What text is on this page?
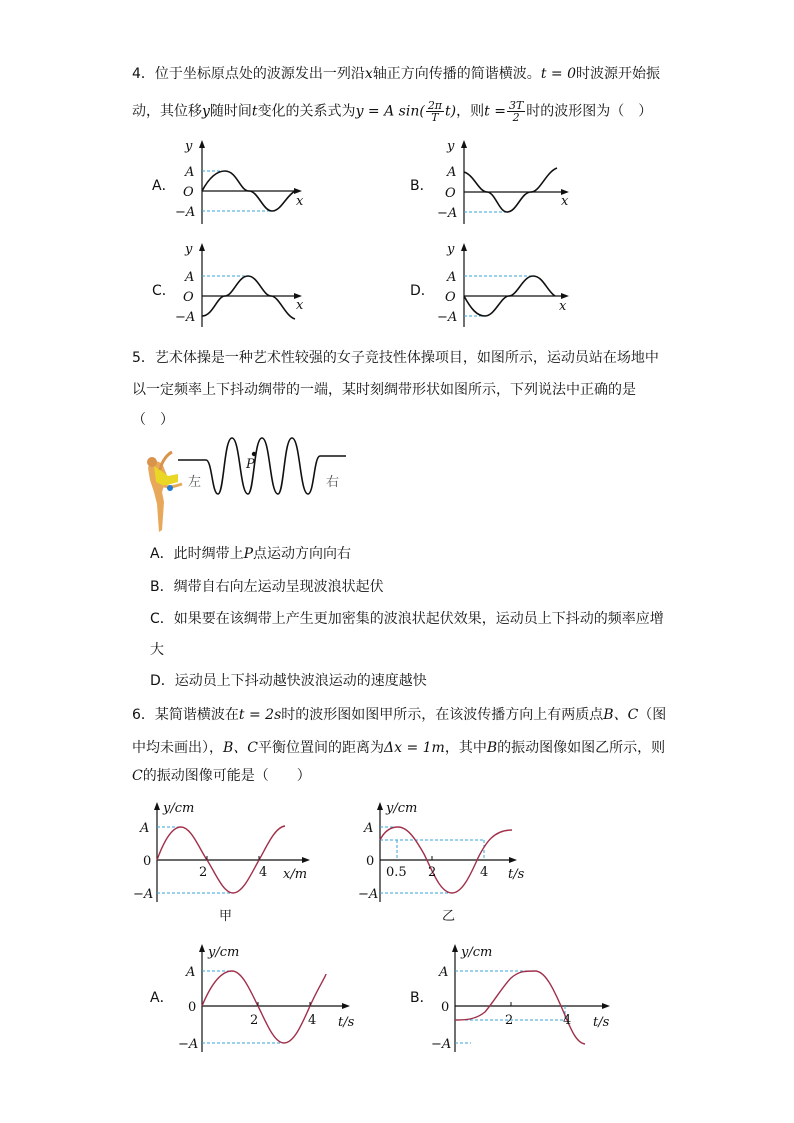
4．位于坐标原点处的波源发出一列沿x轴正方向传播的简谐横波。t = 0时波源开始振
动，其位移y随时间t变化的关系式为y = A $\sin( \frac{2\pi}{T} t)$，则$t = \frac{3T}{2}$ 时的波形图为（　）
A．
y
x
A
O
−A
B．
y
x
A
O
−A
C．
y
x
A
O
−A
D．
y
x
A
O
−A
5．艺术体操是一种艺术性较强的女子竞技性体操项目，如图所示，运动员站在场地中
以一定频率上下抖动绸带的一端，某时刻绸带形状如图所示，下列说法中正确的是
（　）
P
左	右
A．此时绸带上P点运动方向向右
B．绸带自右向左运动呈现波浪状起伏
C．如果要在该绸带上产生更加密集的波浪状起伏效果，运动员上下抖动的频率应增
大
D．运动员上下抖动越快波浪运动的速度越快
6．某简谐横波在t = 2s时的波形图如图甲所示，在该波传播方向上有两质点B、C（图
中均未画出），B、C平衡位置间的距离为Δx = 1m，其中B的振动图像如图乙所示，则
C的振动图像可能是（　　）
y/cm
x/m
A
0
−A
2	4
甲
y/cm
t/s
A
0
−A
0.5 2	4
乙
A．
y/cm
t/s
A
0
−A
2	4
B．
y/cm
t/s
A
0
−A
2	4
